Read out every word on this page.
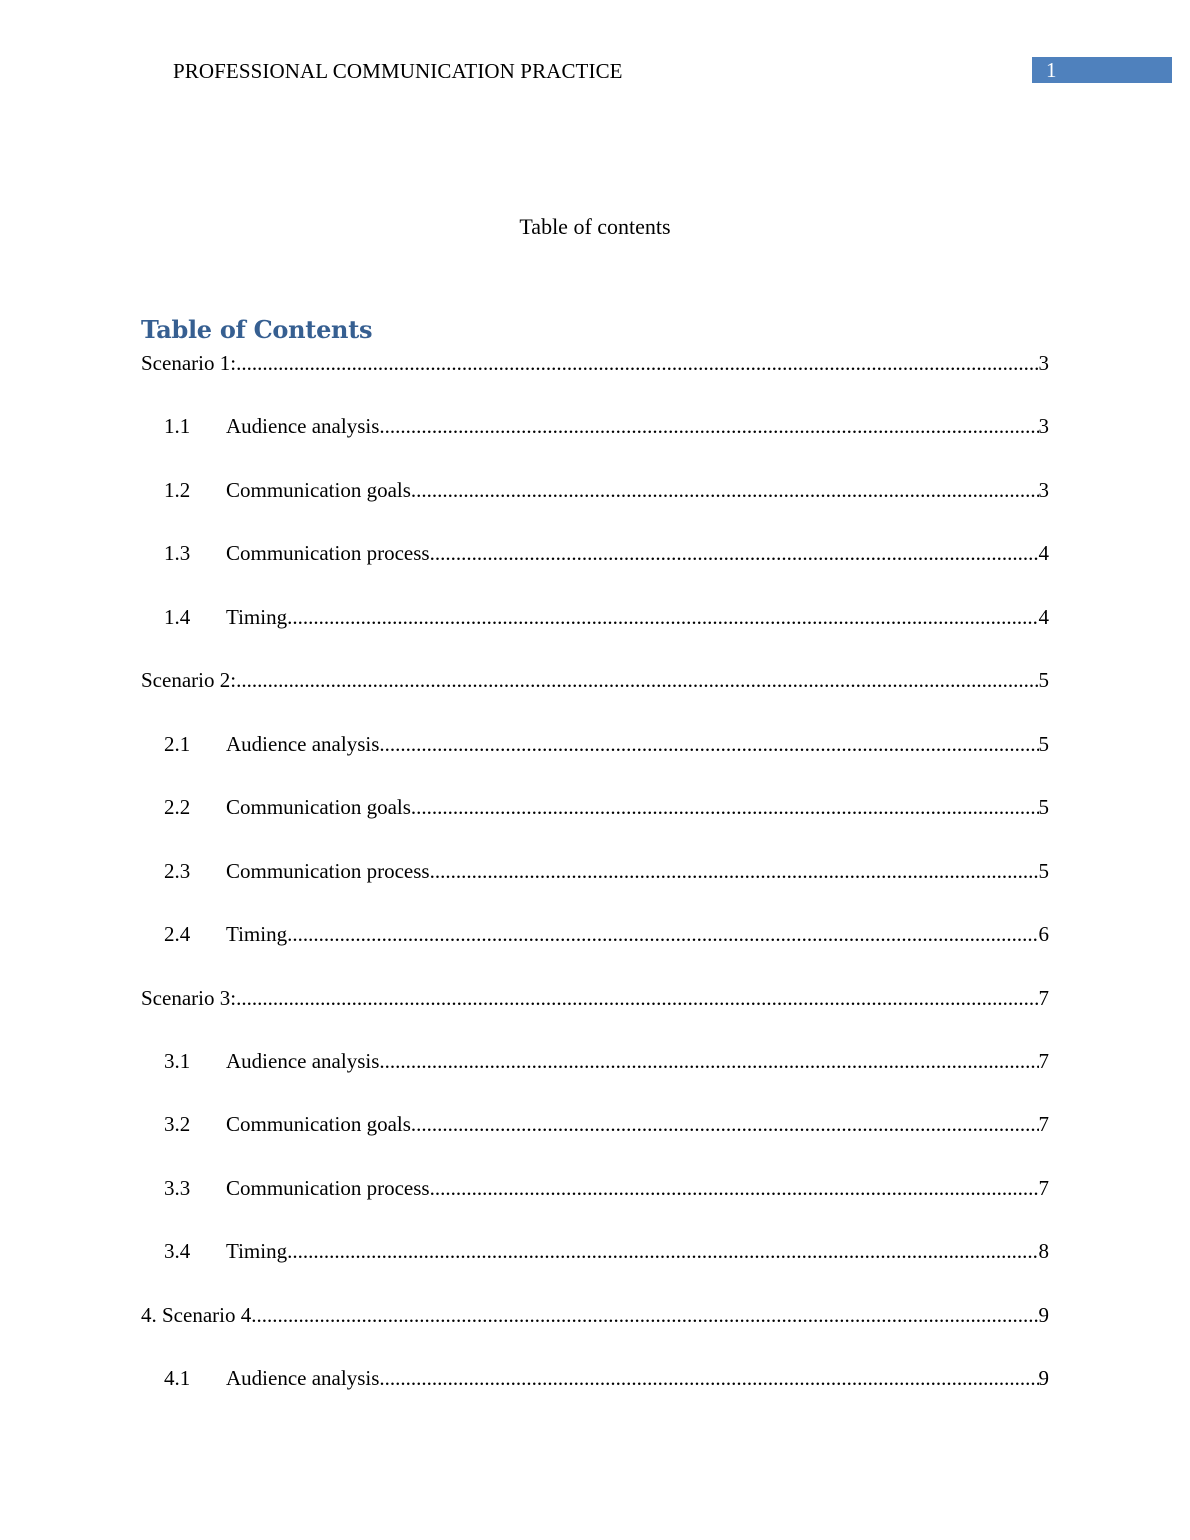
PROFESSIONAL COMMUNICATION PRACTICE	1
Table of contents
Table of Contents
Scenario 1: .....	3
1.1	Audience analysis .....	3
1.2	Communication goals .....	3
1.3	Communication process .....	4
1.4	Timing .....	4
Scenario 2: .....	5
2.1	Audience analysis .....	5
2.2	Communication goals .....	5
2.3	Communication process .....	5
2.4	Timing .....	6
Scenario 3: .....	7
3.1	Audience analysis .....	7
3.2	Communication goals .....	7
3.3	Communication process .....	7
3.4	Timing .....	8
4. Scenario 4 .....	9
4.1	Audience analysis .....	9
